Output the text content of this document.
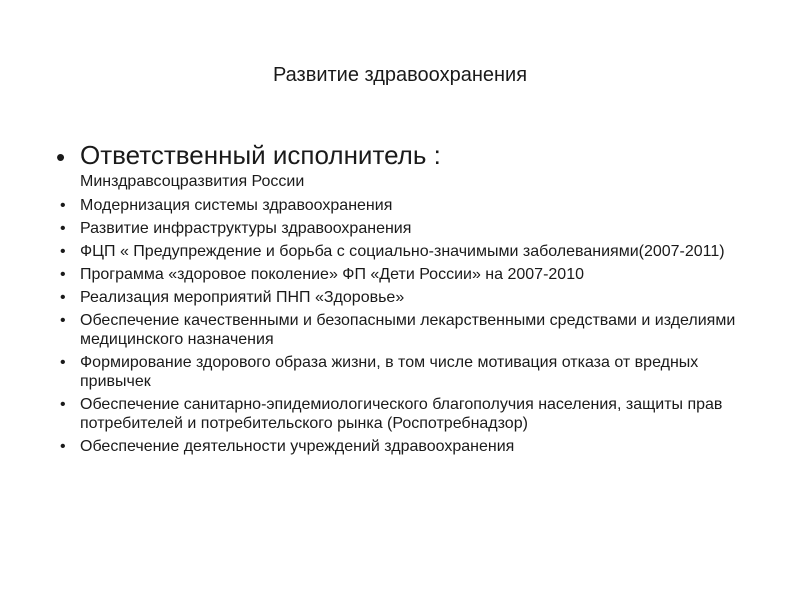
Развитие здравоохранения
• Ответственный исполнитель :
Минздравсоцразвития России
• Модернизация системы здравоохранения
• Развитие инфраструктуры здравоохранения
• ФЦП « Предупреждение и борьба с социально-значимыми заболеваниями(2007-2011)
• Программа «здоровое поколение» ФП «Дети России» на 2007-2010
• Реализация мероприятий ПНП «Здоровье»
• Обеспечение качественными и безопасными лекарственными средствами и изделиями медицинского назначения
• Формирование здорового образа жизни, в том числе мотивация отказа от вредных привычек
• Обеспечение санитарно-эпидемиологического благополучия населения, защиты прав потребителей и потребительского рынка (Роспотребнадзор)
• Обеспечение деятельности учреждений здравоохранения
